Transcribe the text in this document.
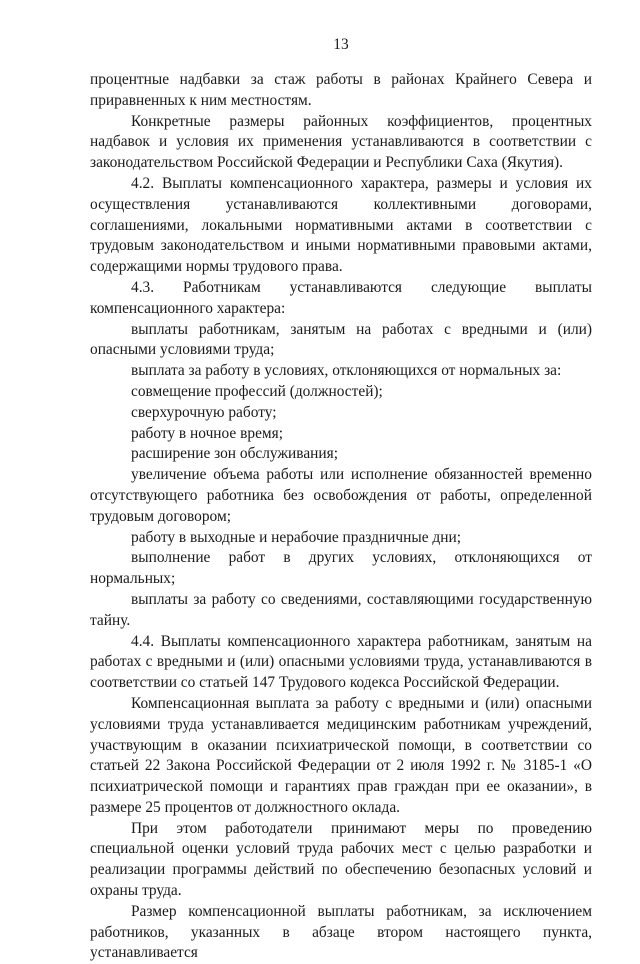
13

процентные надбавки за стаж работы в районах Крайнего Севера и приравненных к ним местностям.

Конкретные размеры районных коэффициентов, процентных надбавок и условия их применения устанавливаются в соответствии с законодательством Российской Федерации и Республики Саха (Якутия).

4.2. Выплаты компенсационного характера, размеры и условия их осуществления устанавливаются коллективными договорами, соглашениями, локальными нормативными актами в соответствии с трудовым законодательством и иными нормативными правовыми актами, содержащими нормы трудового права.

4.3. Работникам устанавливаются следующие выплаты компенсационного характера:

выплаты работникам, занятым на работах с вредными и (или) опасными условиями труда;

выплата за работу в условиях, отклоняющихся от нормальных за:

совмещение профессий (должностей);

сверхурочную работу;

работу в ночное время;

расширение зон обслуживания;

увеличение объема работы или исполнение обязанностей временно отсутствующего работника без освобождения от работы, определенной трудовым договором;

работу в выходные и нерабочие праздничные дни;

выполнение работ в других условиях, отклоняющихся от нормальных;

выплаты за работу со сведениями, составляющими государственную тайну.

4.4. Выплаты компенсационного характера работникам, занятым на работах с вредными и (или) опасными условиями труда, устанавливаются в соответствии со статьей 147 Трудового кодекса Российской Федерации.

Компенсационная выплата за работу с вредными и (или) опасными условиями труда устанавливается медицинским работникам учреждений, участвующим в оказании психиатрической помощи, в соответствии со статьей 22 Закона Российской Федерации от 2 июля 1992 г. № 3185-1 «О психиатрической помощи и гарантиях прав граждан при ее оказании», в размере 25 процентов от должностного оклада.

При этом работодатели принимают меры по проведению специальной оценки условий труда рабочих мест с целью разработки и реализации программы действий по обеспечению безопасных условий и охраны труда.

Размер компенсационной выплаты работникам, за исключением работников, указанных в абзаце втором настоящего пункта, устанавливается
